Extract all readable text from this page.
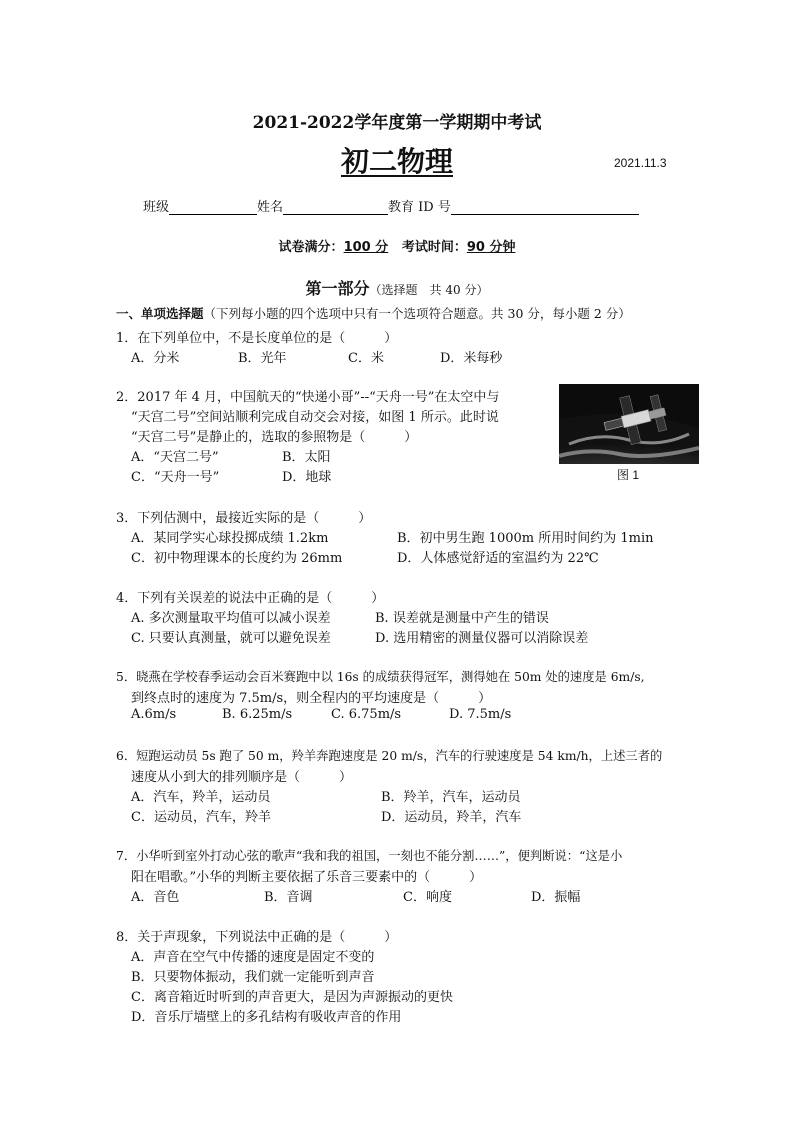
2021-2022学年度第一学期期中考试
初二物理	2021.11.3
班级	姓名	教育 ID 号
试卷满分：100 分 考试时间：90 分钟
第一部分（选择题　共 40 分）
一、单项选择题（下列每小题的四个选项中只有一个选项符合题意。共 30 分，每小题 2 分）
1．在下列单位中，不是长度单位的是（　　　）
A．分米	B．光年	C．米	D．米每秒
2．2017 年 4 月，中国航天的“快递小哥”--“天舟一号”在太空中与
“天宫二号”空间站顺利完成自动交会对接，如图 1 所示。此时说
“天宫二号”是静止的，选取的参照物是（　　　）
A．“天宫二号”	B．太阳
C．“天舟一号”	D．地球	图 1
3．下列估测中，最接近实际的是（　　　）
A．某同学实心球投掷成绩 1.2km	B．初中男生跑 1000m 所用时间约为 1min
C．初中物理课本的长度约为 26mm	D．人体感觉舒适的室温约为 22℃
4．下列有关误差的说法中正确的是（　　　）
A. 多次测量取平均值可以减小误差	B. 误差就是测量中产生的错误
C. 只要认真测量，就可以避免误差	D. 选用精密的测量仪器可以消除误差
5．晓燕在学校春季运动会百米赛跑中以 16s 的成绩获得冠军，测得她在 50m 处的速度是 6m/s,
到终点时的速度为 7.5m/s，则全程内的平均速度是（　　　）
A.6m/s	B. 6.25m/s	C. 6.75m/s	D. 7.5m/s
6．短跑运动员 5s 跑了 50 m，羚羊奔跑速度是 20 m/s，汽车的行驶速度是 54 km/h，上述三者的
速度从小到大的排列顺序是（　　　）
A．汽车，羚羊，运动员	B．羚羊，汽车，运动员
C．运动员，汽车，羚羊	D．运动员，羚羊，汽车
7．小华听到室外打动心弦的歌声“我和我的祖国，一刻也不能分割……”，便判断说：“这是小
阳在唱歌。”小华的判断主要依据了乐音三要素中的（　　　）
A．音色	B．音调	C．响度	D．振幅
8．关于声现象，下列说法中正确的是（　　　）
A．声音在空气中传播的速度是固定不变的
B．只要物体振动，我们就一定能听到声音
C．离音箱近时听到的声音更大，是因为声源振动的更快
D．音乐厅墙壁上的多孔结构有吸收声音的作用
